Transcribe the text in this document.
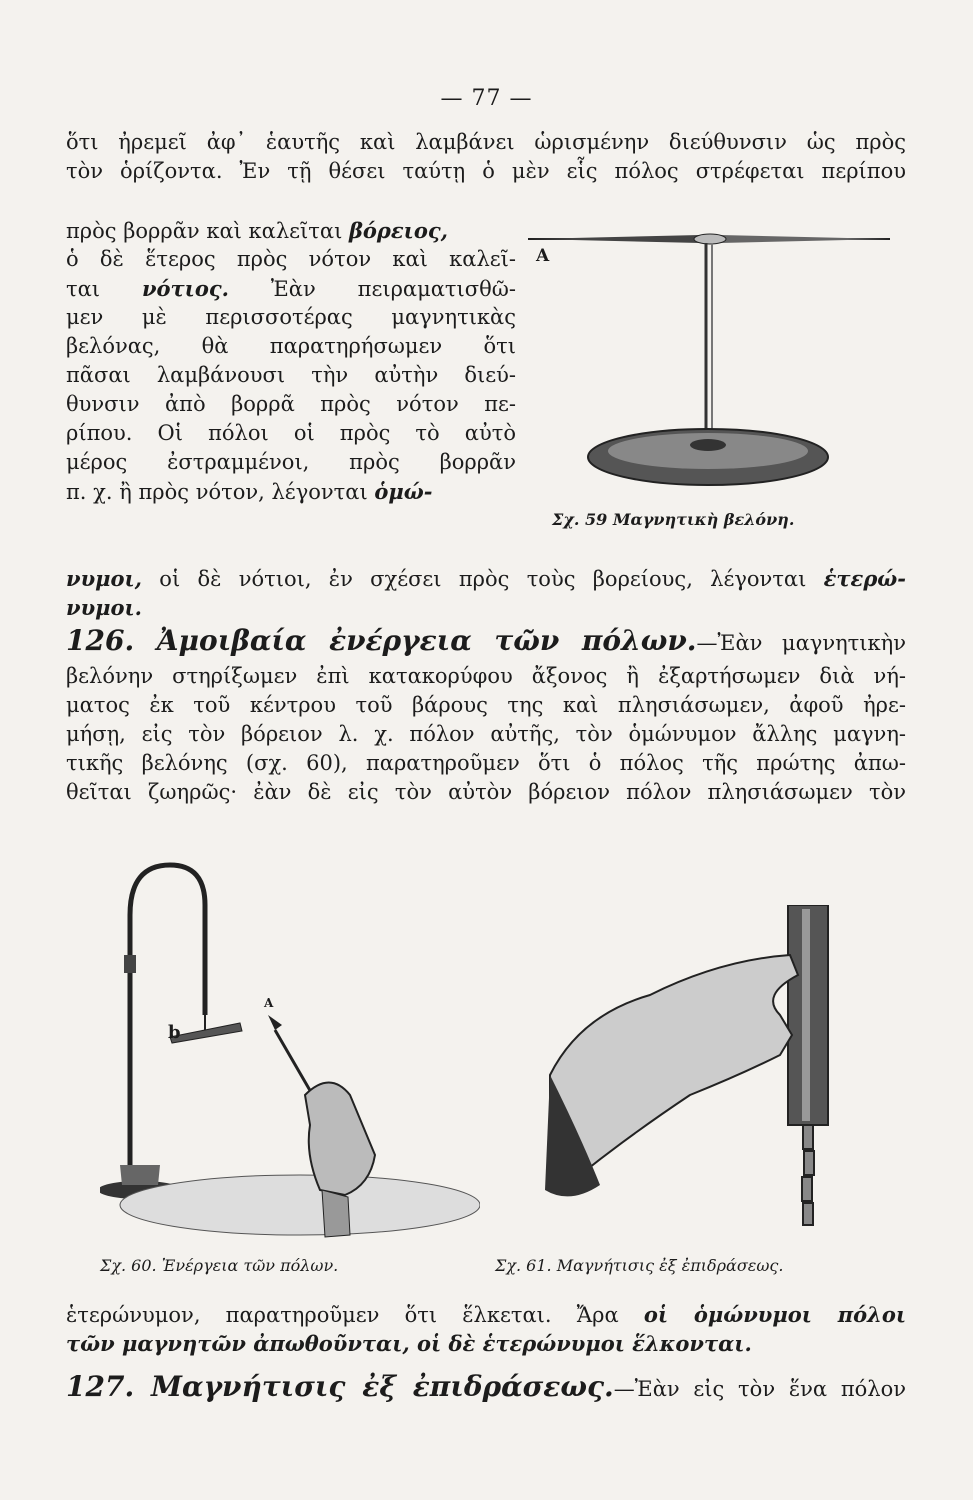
— 77 —
ὅτι ἠρεμεῖ ἀφ᾿ ἑαυτῆς καὶ λαμβάνει ὡρισμένην διεύθυνσιν ὡς πρὸς
τὸν ὁρίζοντα. Ἐν τῇ θέσει ταύτῃ ὁ μὲν εἷς πόλος στρέφεται περίπου
πρὸς βορρᾶν καὶ καλεῖται βόρειος,
ὁ δὲ ἕτερος πρὸς νότον καὶ καλεῖ-
ται νότιος. Ἐὰν πειραματισθῶ-
μεν μὲ περισσοτέρας μαγνητικὰς
βελόνας, θὰ παρατηρήσωμεν ὅτι
πᾶσαι λαμβάνουσι τὴν αὐτὴν διεύ-
θυνσιν ἀπὸ βορρᾶ πρὸς νότον πε-
ρίπου. Οἱ πόλοι οἱ πρὸς τὸ αὐτὸ
μέρος ἐστραμμένοι, πρὸς βορρᾶν
π. χ. ἢ πρὸς νότον, λέγονται ὁμώ-
A
Σχ. 59 Μαγνητικὴ βελόνη.
νυμοι, οἱ δὲ νότιοι, ἐν σχέσει πρὸς τοὺς βορείους, λέγονται ἑτερώ-
νυμοι.
126. Ἀμοιβαία ἐνέργεια τῶν πόλων.—Ἐὰν μαγνητικὴν
βελόνην στηρίξωμεν ἐπὶ κατακορύφου ἄξονος ἢ ἐξαρτήσωμεν διὰ νή-
ματος ἐκ τοῦ κέντρου τοῦ βάρους της καὶ πλησιάσωμεν, ἀφοῦ ἠρε-
μήσῃ, εἰς τὸν βόρειον λ. χ. πόλον αὐτῆς, τὸν ὁμώνυμον ἄλλης μαγνη-
τικῆς βελόνης (σχ. 60), παρατηροῦμεν ὅτι ὁ πόλος τῆς πρώτης ἀπω-
θεῖται ζωηρῶς· ἐὰν δὲ εἰς τὸν αὐτὸν βόρειον πόλον πλησιάσωμεν τὸν
b
A
Σχ. 60. Ἐνέργεια τῶν πόλων.	Σχ. 61. Μαγνήτισις ἐξ ἐπιδράσεως.
ἑτερώνυμον, παρατηροῦμεν ὅτι ἕλκεται. Ἄρα οἱ ὁμώνυμοι πόλοι
τῶν μαγνητῶν ἀπωθοῦνται, οἱ δὲ ἑτερώνυμοι ἕλκονται.
127. Μαγνήτισις ἐξ ἐπιδράσεως.—Ἐὰν εἰς τὸν ἕνα πόλον
